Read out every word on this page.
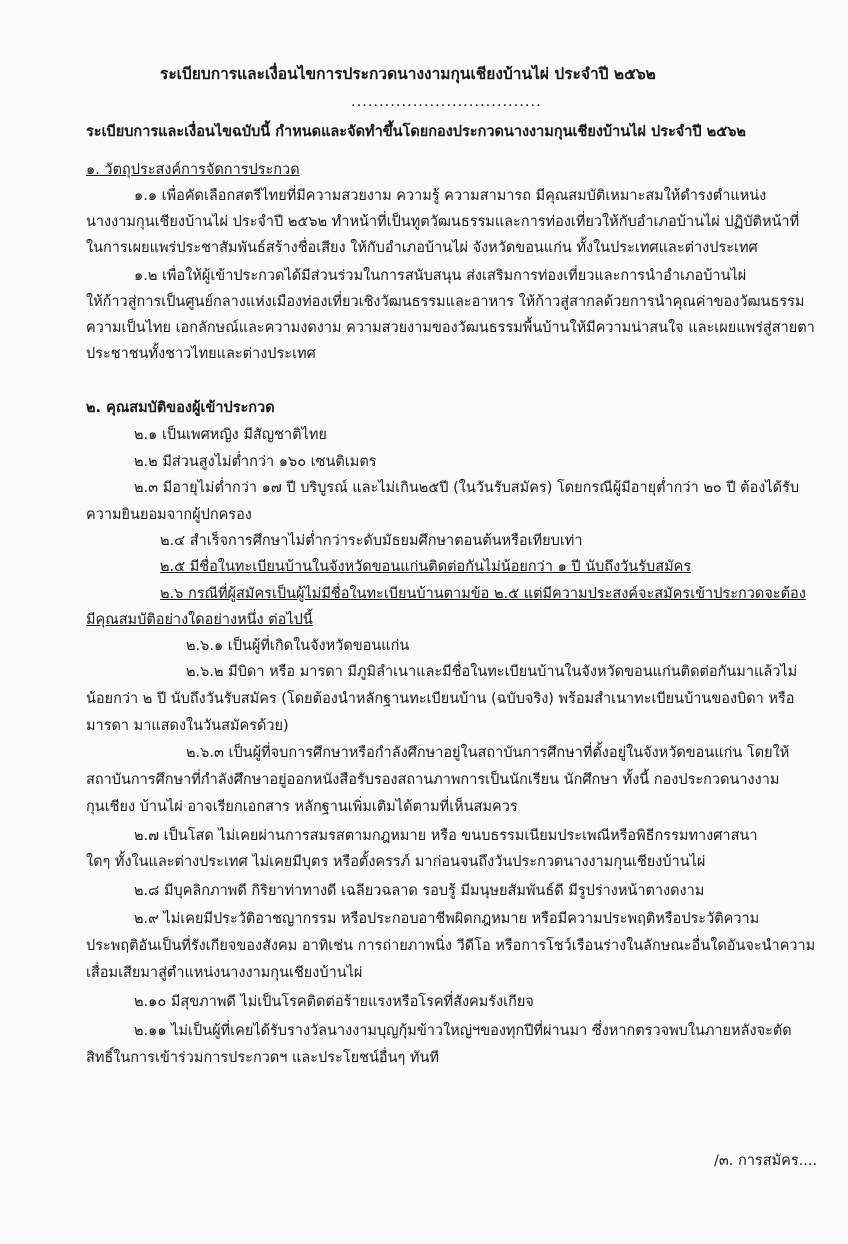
ระเบียบการและเงื่อนไขการประกวดนางงามกุนเชียงบ้านไผ่ ประจำปี ๒๕๖๒
..................................
ระเบียบการและเงื่อนไขฉบับนี้ กำหนดและจัดทำขึ้นโดยกองประกวดนางงามกุนเชียงบ้านไผ่ ประจำปี ๒๕๖๒
๑. วัตถุประสงค์การจัดการประกวด
๑.๑ เพื่อคัดเลือกสตรีไทยที่มีความสวยงาม ความรู้ ความสามารถ มีคุณสมบัติเหมาะสมให้ดำรงตำแหน่ง
นางงามกุนเชียงบ้านไผ่ ประจำปี ๒๕๖๒ ทำหน้าที่เป็นทูตวัฒนธรรมและการท่องเที่ยวให้กับอำเภอบ้านไผ่ ปฏิบัติหน้าที่
ในการเผยแพร่ประชาสัมพันธ์สร้างชื่อเสียง ให้กับอำเภอบ้านไผ่ จังหวัดขอนแก่น ทั้งในประเทศและต่างประเทศ
๑.๒ เพื่อให้ผู้เข้าประกวดได้มีส่วนร่วมในการสนับสนุน ส่งเสริมการท่องเที่ยวและการนำอำเภอบ้านไผ่
ให้ก้าวสู่การเป็นศูนย์กลางแห่งเมืองท่องเที่ยวเชิงวัฒนธรรมและอาหาร ให้ก้าวสู่สากลด้วยการนำคุณค่าของวัฒนธรรม
ความเป็นไทย เอกลักษณ์และความงดงาม ความสวยงามของวัฒนธรรมพื้นบ้านให้มีความน่าสนใจ และเผยแพร่สู่สายตา
ประชาชนทั้งชาวไทยและต่างประเทศ
๒. คุณสมบัติของผู้เข้าประกวด
๒.๑ เป็นเพศหญิง มีสัญชาติไทย
๒.๒ มีส่วนสูงไม่ต่ำกว่า ๑๖๐ เซนติเมตร
๒.๓ มีอายุไม่ต่ำกว่า ๑๗ ปี บริบูรณ์ และไม่เกิน๒๕ปี (ในวันรับสมัคร) โดยกรณีผู้มีอายุต่ำกว่า ๒๐ ปี ต้องได้รับ
ความยินยอมจากผู้ปกครอง
๒.๔ สำเร็จการศึกษาไม่ต่ำกว่าระดับมัธยมศึกษาตอนต้นหรือเทียบเท่า
๒.๕ มีชื่อในทะเบียนบ้านในจังหวัดขอนแก่นติดต่อกันไม่น้อยกว่า ๑ ปี นับถึงวันรับสมัคร
๒.๖ กรณีที่ผู้สมัครเป็นผู้ไม่มีชื่อในทะเบียนบ้านตามข้อ ๒.๕ แต่มีความประสงค์จะสมัครเข้าประกวดจะต้อง
มีคุณสมบัติอย่างใดอย่างหนึ่ง ต่อไปนี้
๒.๖.๑ เป็นผู้ที่เกิดในจังหวัดขอนแก่น
๒.๖.๒ มีบิดา หรือ มารดา มีภูมิลำเนาและมีชื่อในทะเบียนบ้านในจังหวัดขอนแก่นติดต่อกันมาแล้วไม่
น้อยกว่า ๒ ปี นับถึงวันรับสมัคร (โดยต้องนำหลักฐานทะเบียนบ้าน (ฉบับจริง) พร้อมสำเนาทะเบียนบ้านของบิดา หรือ
มารดา มาแสดงในวันสมัครด้วย)
๒.๖.๓ เป็นผู้ที่จบการศึกษาหรือกำลังศึกษาอยู่ในสถาบันการศึกษาที่ตั้งอยู่ในจังหวัดขอนแก่น โดยให้
สถาบันการศึกษาที่กำลังศึกษาอยู่ออกหนังสือรับรองสถานภาพการเป็นนักเรียน นักศึกษา ทั้งนี้ กองประกวดนางงาม
กุนเชียง บ้านไผ่ อาจเรียกเอกสาร หลักฐานเพิ่มเติมได้ตามที่เห็นสมควร
๒.๗ เป็นโสด ไม่เคยผ่านการสมรสตามกฎหมาย หรือ ขนบธรรมเนียมประเพณีหรือพิธีกรรมทางศาสนา
ใดๆ ทั้งในและต่างประเทศ ไม่เคยมีบุตร หรือตั้งครรภ์ มาก่อนจนถึงวันประกวดนางงามกุนเชียงบ้านไผ่
๒.๘ มีบุคลิกภาพดี กิริยาท่าทางดี เฉลียวฉลาด รอบรู้ มีมนุษยสัมพันธ์ดี มีรูปร่างหน้าตางดงาม
๒.๙ ไม่เคยมีประวัติอาชญากรรม หรือประกอบอาชีพผิดกฎหมาย หรือมีความประพฤติหรือประวัติความ
ประพฤติอันเป็นที่รังเกียจของสังคม อาทิเช่น การถ่ายภาพนิ่ง วีดีโอ หรือการโชว์เรือนร่างในลักษณะอื่นใดอันจะนำความ
เสื่อมเสียมาสู่ตำแหน่งนางงามกุนเชียงบ้านไผ่
๒.๑๐ มีสุขภาพดี ไม่เป็นโรคติดต่อร้ายแรงหรือโรคที่สังคมรังเกียจ
๒.๑๑ ไม่เป็นผู้ที่เคยได้รับรางวัลนางงามบุญกุ้มข้าวใหญ่ฯของทุกปีที่ผ่านมา ซึ่งหากตรวจพบในภายหลังจะตัด
สิทธิ์ในการเข้าร่วมการประกวดฯ และประโยชน์อื่นๆ ทันที
/๓. การสมัคร....
